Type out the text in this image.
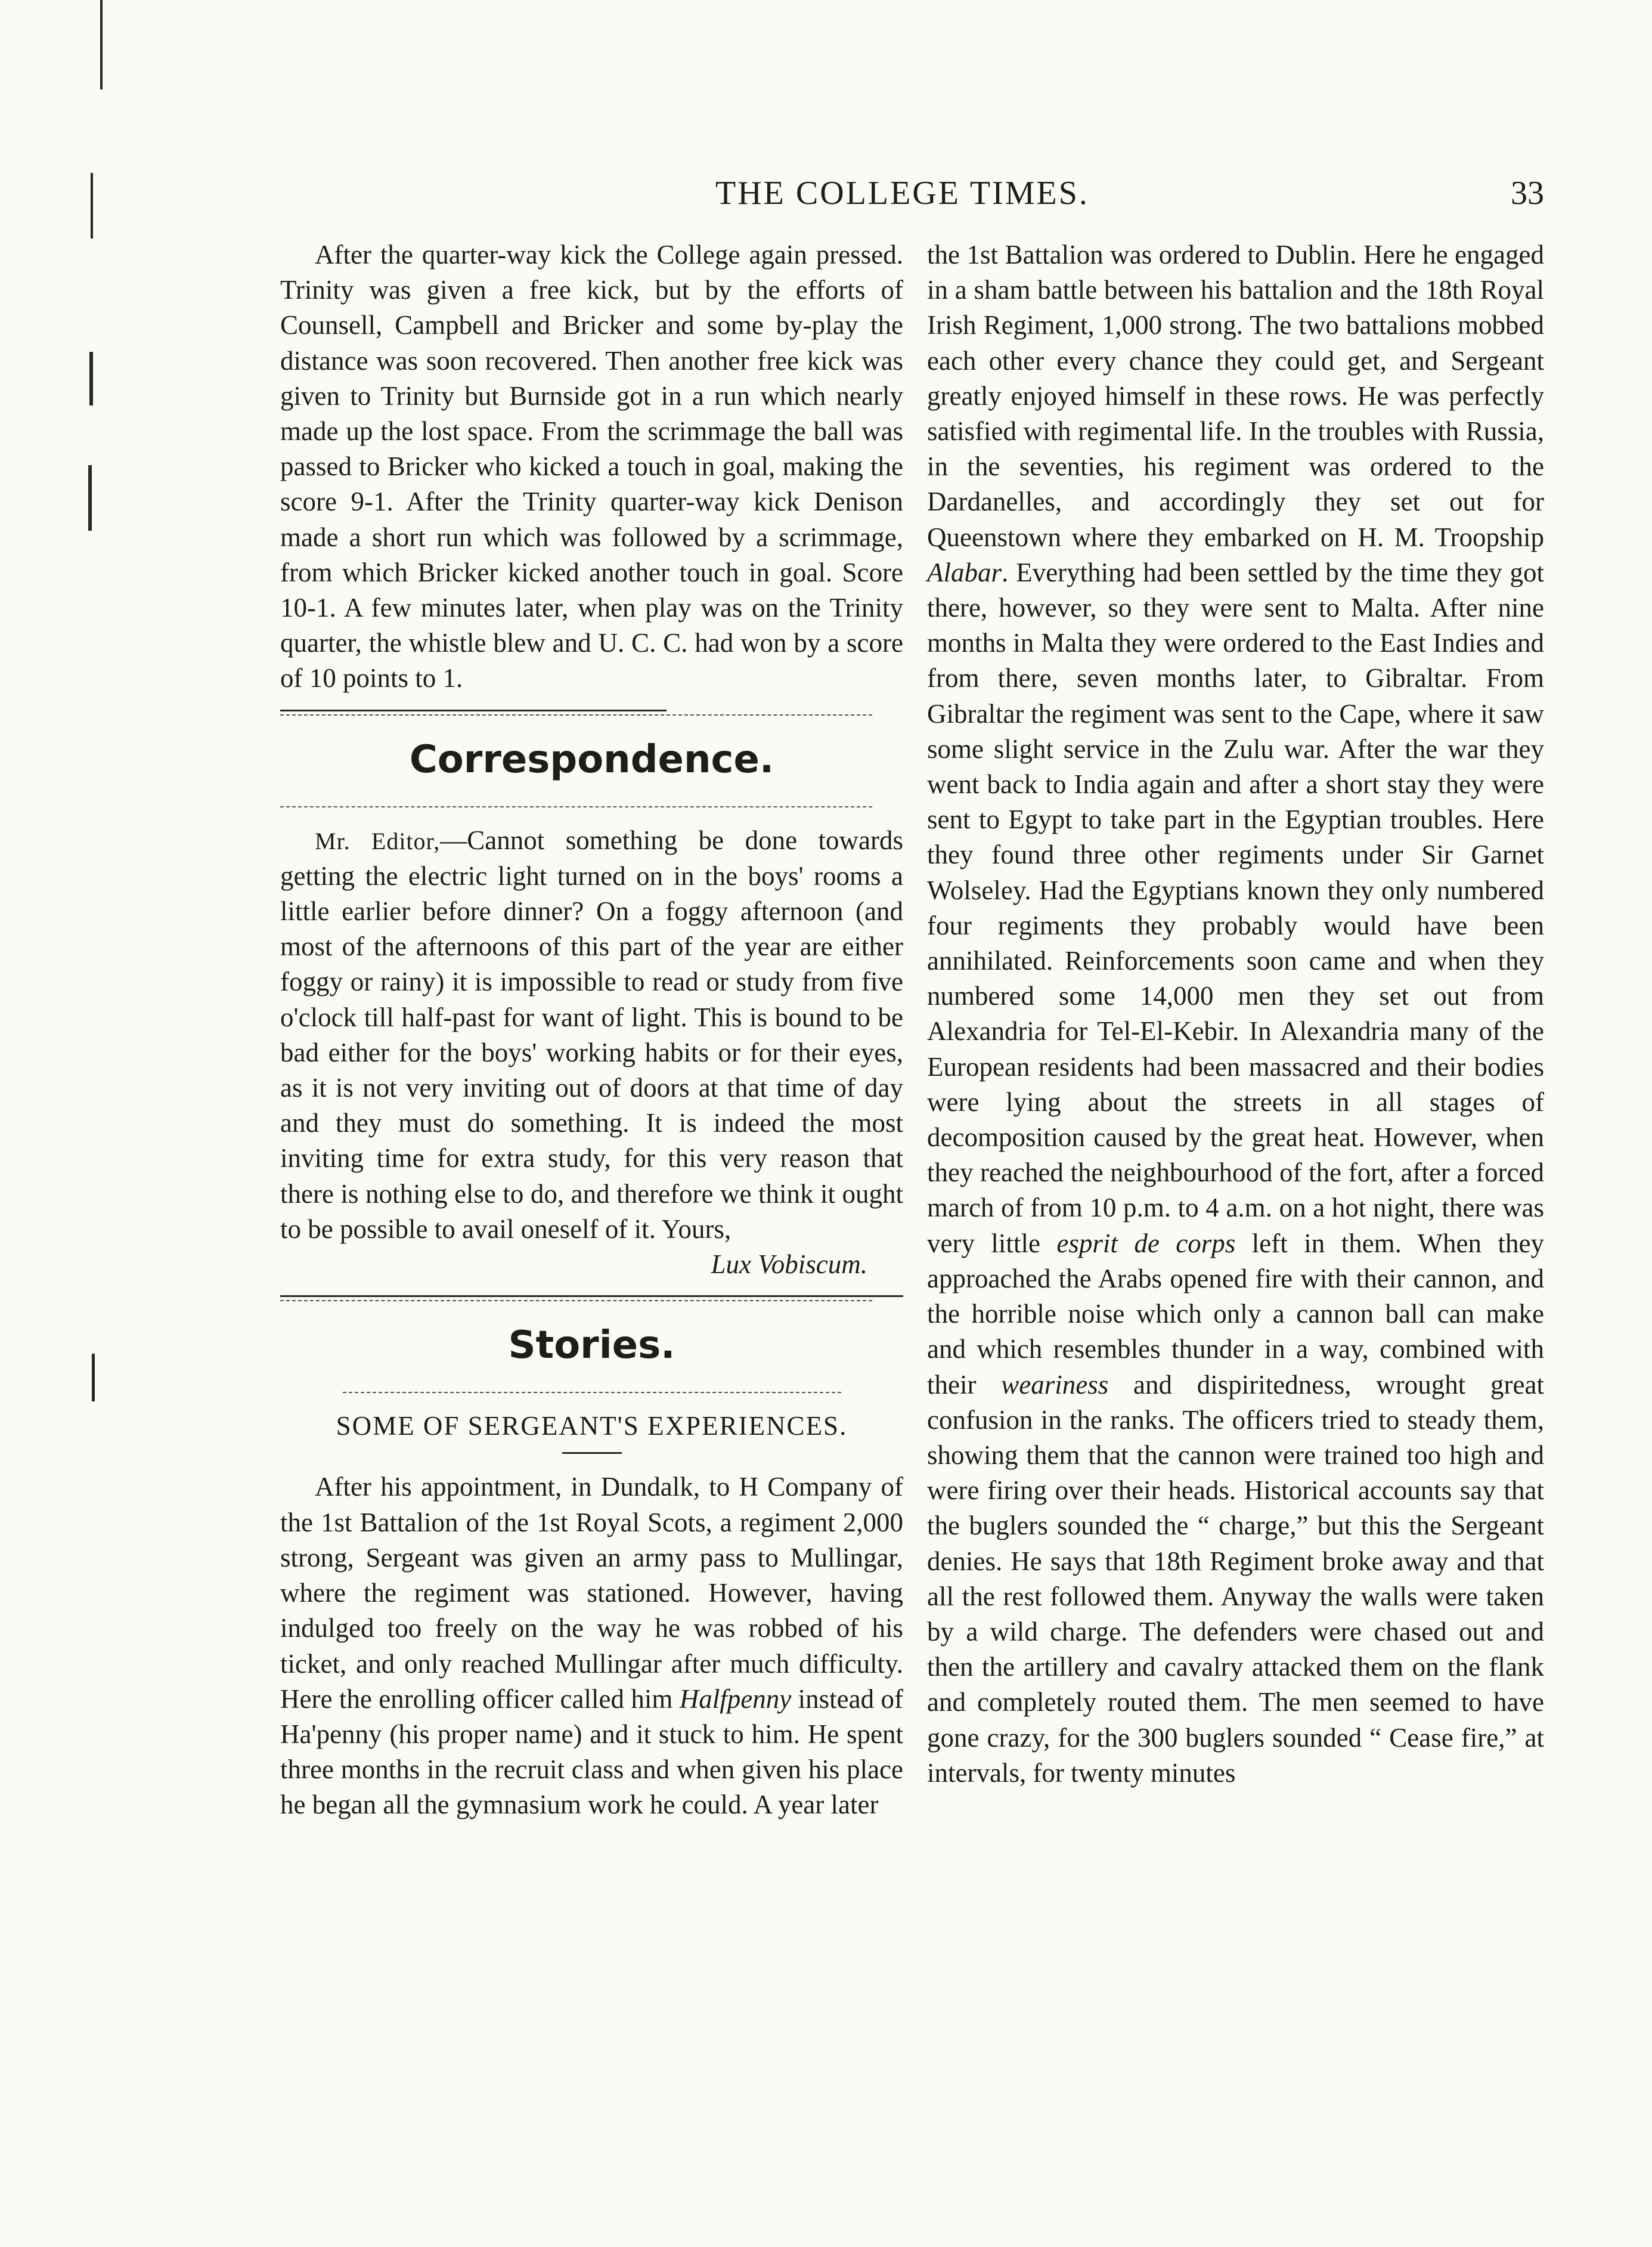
THE COLLEGE TIMES.	33

After the quarter-way kick the College again pressed. Trinity was given a free kick, but by the efforts of Counsell, Campbell and Bricker and some by-play the distance was soon recovered. Then another free kick was given to Trinity but Burnside got in a run which nearly made up the lost space. From the scrimmage the ball was passed to Bricker who kicked a touch in goal, making the score 9-1. After the Trinity quarter-way kick Denison made a short run which was followed by a scrimmage, from which Bricker kicked another touch in goal. Score 10-1. A few minutes later, when play was on the Trinity quarter, the whistle blew and U. C. C. had won by a score of 10 points to 1.

Correspondence.

Mr. Editor,—Cannot something be done towards getting the electric light turned on in the boys' rooms a little earlier before dinner? On a foggy afternoon (and most of the afternoons of this part of the year are either foggy or rainy) it is impossible to read or study from five o'clock till half-past for want of light. This is bound to be bad either for the boys' working habits or for their eyes, as it is not very inviting out of doors at that time of day and they must do something. It is indeed the most inviting time for extra study, for this very reason that there is nothing else to do, and therefore we think it ought to be possible to avail oneself of it. Yours,

Lux Vobiscum.

Stories.
SOME OF SERGEANT'S EXPERIENCES.

After his appointment, in Dundalk, to H Company of the 1st Battalion of the 1st Royal Scots, a regiment 2,000 strong, Sergeant was given an army pass to Mullingar, where the regiment was stationed. However, having indulged too freely on the way he was robbed of his ticket, and only reached Mullingar after much difficulty. Here the enrolling officer called him Halfpenny instead of Ha'penny (his proper name) and it stuck to him. He spent three months in the recruit class and when given his place he began all the gymnasium work he could. A year later

the 1st Battalion was ordered to Dublin. Here he engaged in a sham battle between his battalion and the 18th Royal Irish Regiment, 1,000 strong. The two battalions mobbed each other every chance they could get, and Sergeant greatly enjoyed himself in these rows. He was perfectly satisfied with regimental life. In the troubles with Russia, in the seventies, his regiment was ordered to the Dardanelles, and accordingly they set out for Queenstown where they embarked on H. M. Troopship Alabar. Everything had been settled by the time they got there, however, so they were sent to Malta. After nine months in Malta they were ordered to the East Indies and from there, seven months later, to Gibraltar. From Gibraltar the regiment was sent to the Cape, where it saw some slight service in the Zulu war. After the war they went back to India again and after a short stay they were sent to Egypt to take part in the Egyptian troubles. Here they found three other regiments under Sir Garnet Wolseley. Had the Egyptians known they only numbered four regiments they probably would have been annihilated. Reinforcements soon came and when they numbered some 14,000 men they set out from Alexandria for Tel-El-Kebir. In Alexandria many of the European residents had been massacred and their bodies were lying about the streets in all stages of decomposition caused by the great heat. However, when they reached the neighbourhood of the fort, after a forced march of from 10 p.m. to 4 a.m. on a hot night, there was very little esprit de corps left in them. When they approached the Arabs opened fire with their cannon, and the horrible noise which only a cannon ball can make and which resembles thunder in a way, combined with their weariness and dispiritedness, wrought great confusion in the ranks. The officers tried to steady them, showing them that the cannon were trained too high and were firing over their heads. Historical accounts say that the buglers sounded the “ charge,” but this the Sergeant denies. He says that 18th Regiment broke away and that all the rest followed them. Anyway the walls were taken by a wild charge. The defenders were chased out and then the artillery and cavalry attacked them on the flank and completely routed them. The men seemed to have gone crazy, for the 300 buglers sounded “ Cease fire,” at intervals, for twenty minutes
